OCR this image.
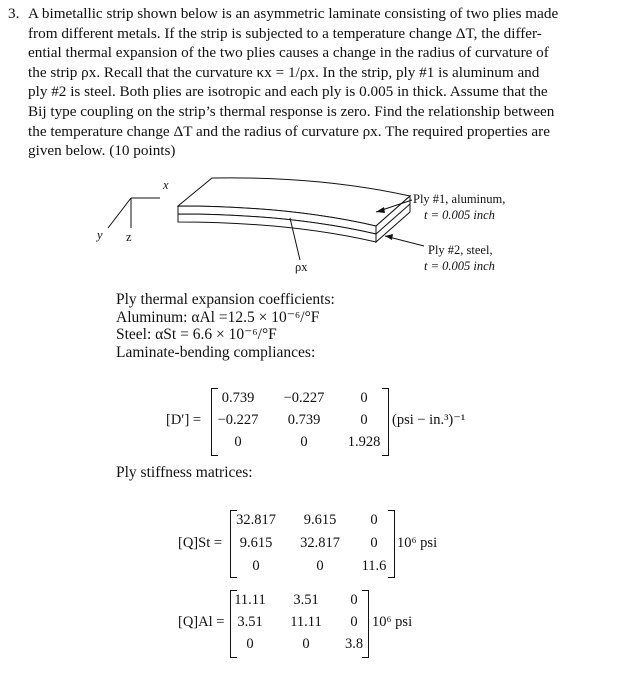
3. A bimetallic strip shown below is an asymmetric laminate consisting of two plies made
from different metals. If the strip is subjected to a temperature change ΔT, the differ-
ential thermal expansion of the two plies causes a change in the radius of curvature of
the strip ρx. Recall that the curvature κx = 1/ρx. In the strip, ply #1 is aluminum and
ply #2 is steel. Both plies are isotropic and each ply is 0.005 in thick. Assume that the
Bij type coupling on the strip’s thermal response is zero. Find the relationship between
the temperature change ΔT and the radius of curvature ρx. The required properties are
given below. (10 points)
x
y z
ρx
Ply #1, aluminum,
t = 0.005 inch
Ply #2, steel,
t = 0.005 inch
Ply thermal expansion coefficients:
Aluminum: αAl =12.5 × 10⁻⁶/°F
Steel: αSt = 6.6 × 10⁻⁶/°F
Laminate-bending compliances:
[D′] =
0.739	−0.227	0
−0.227	0.739	0
0	0	1.928
(psi − in.³)⁻¹
Ply stiffness matrices:
[Q]St =
32.817	9.615	0
9.615	32.817	0
0	0	11.6
10⁶ psi
[Q]Al =
11.11	3.51	0
3.51	11.11	0
0	0	3.8
10⁶ psi
